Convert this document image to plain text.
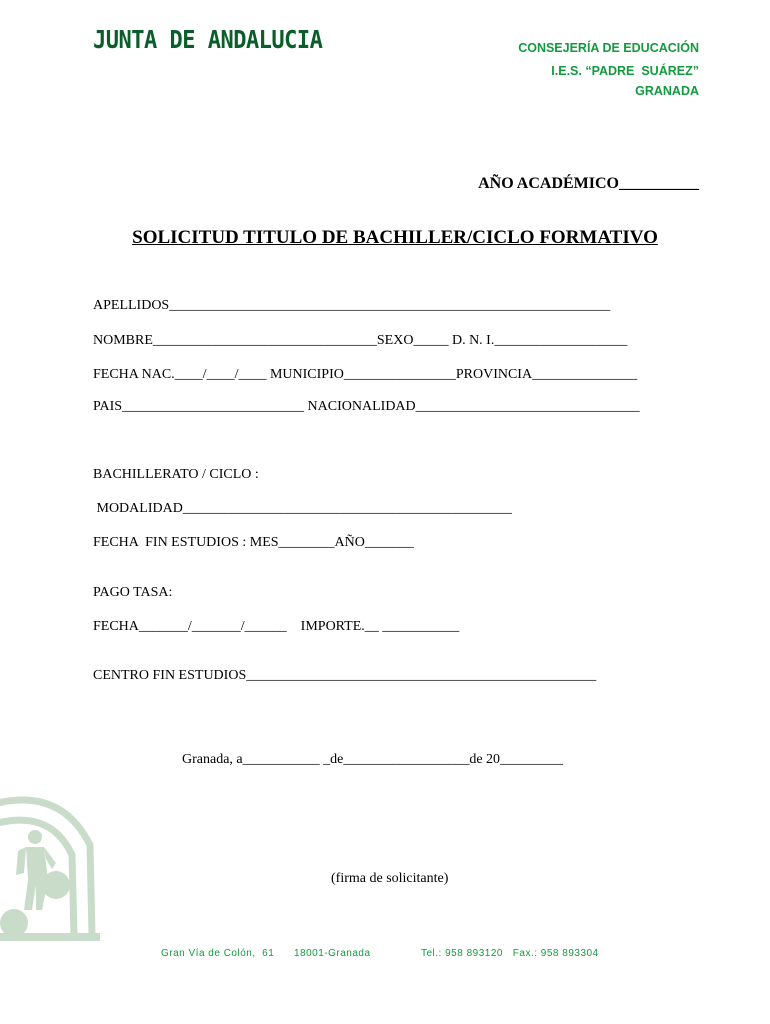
JUNTA DE ANDALUCIA	CONSEJERÍA DE EDUCACIÓN
I.E.S. “PADRE  SUÁREZ”
GRANADA
AÑO ACADÉMICO__________
SOLICITUD TITULO DE BACHILLER/CICLO FORMATIVO
APELLIDOS_______________________________________________________________
NOMBRE________________________________SEXO_____ D. N. I.___________________
FECHA NAC.____/____/____ MUNICIPIO________________PROVINCIA_______________
PAIS__________________________ NACIONALIDAD________________________________
BACHILLERATO / CICLO :
MODALIDAD_______________________________________________
FECHA  FIN ESTUDIOS : MES________AÑO_______
PAGO TASA:
FECHA_______/_______/______    IMPORTE.__ ___________
CENTRO FIN ESTUDIOS__________________________________________________
Granada, a___________ _de__________________de 20_________
(firma de solicitante)
Gran Vía de Colón,  61 18001-Granada	Tel.: 958 893120   Fax.: 958 893304
